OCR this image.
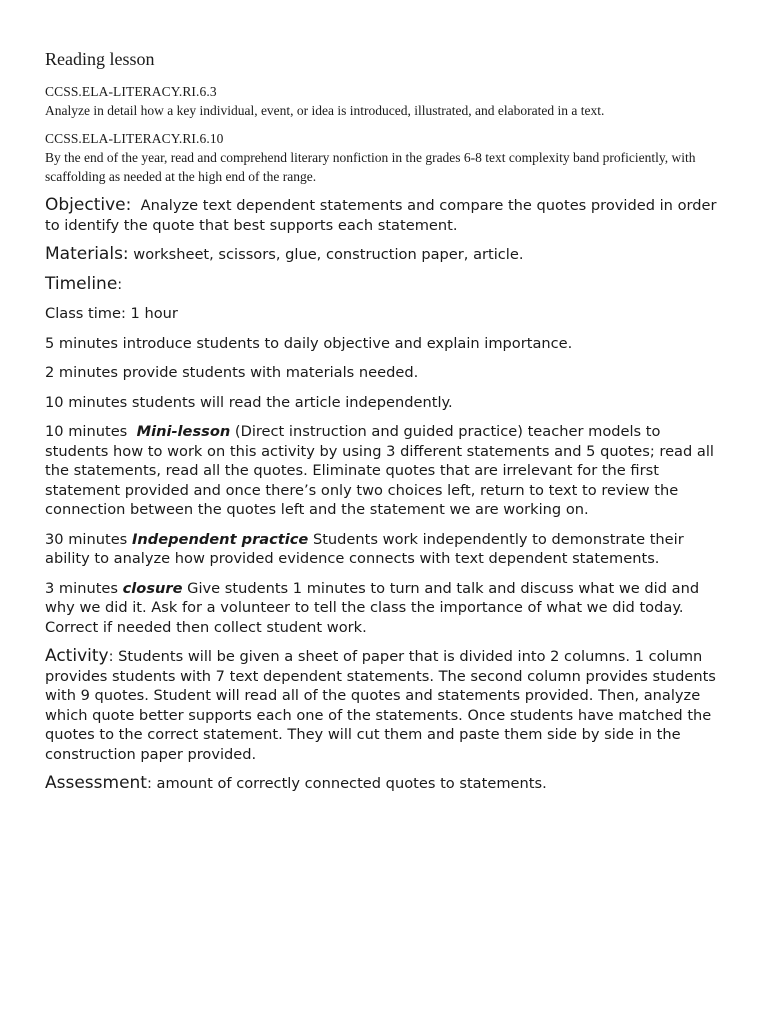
Reading lesson

CCSS.ELA-LITERACY.RI.6.3

Analyze in detail how a key individual, event, or idea is introduced, illustrated, and elaborated in a text.

CCSS.ELA-LITERACY.RI.6.10

By the end of the year, read and comprehend literary nonfiction in the grades 6-8 text complexity band proficiently, with scaffolding as needed at the high end of the range.

Objective: Analyze text dependent statements and compare the quotes provided in order to identify the quote that best supports each statement.

Materials: worksheet, scissors, glue, construction paper, article.

Timeline:

Class time: 1 hour

5 minutes introduce students to daily objective and explain importance.

2 minutes provide students with materials needed.

10 minutes students will read the article independently.

10 minutes Mini-lesson (Direct instruction and guided practice) teacher models to students how to work on this activity by using 3 different statements and 5 quotes; read all the statements, read all the quotes. Eliminate quotes that are irrelevant for the first statement provided and once there’s only two choices left, return to text to review the connection between the quotes left and the statement we are working on.

30 minutes Independent practice Students work independently to demonstrate their ability to analyze how provided evidence connects with text dependent statements.

3 minutes closure Give students 1 minutes to turn and talk and discuss what we did and why we did it. Ask for a volunteer to tell the class the importance of what we did today. Correct if needed then collect student work.

Activity: Students will be given a sheet of paper that is divided into 2 columns. 1 column provides students with 7 text dependent statements. The second column provides students with 9 quotes. Student will read all of the quotes and statements provided. Then, analyze which quote better supports each one of the statements. Once students have matched the quotes to the correct statement. They will cut them and paste them side by side in the construction paper provided.

Assessment: amount of correctly connected quotes to statements.
